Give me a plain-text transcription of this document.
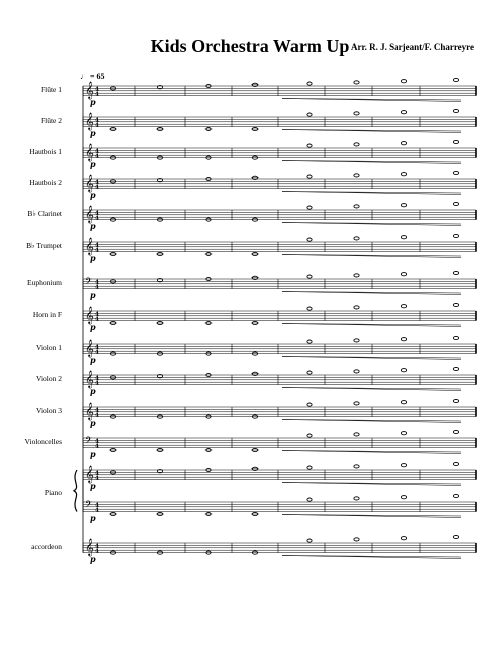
Kids Orchestra Warm Up Arr. R. J. Sarjeant/F. Charreyre
♩ = 65
Flûte 1
Flûte 2
Hautbois 1
Hautbois 2
B♭ Clarinet
B♭ Trumpet
Euphonium
Horn in F
Violon 1
Violon 2
Violon 3
Violoncelles
Piano
accordeon
𝄞 4
4
p
𝄞 4
4
p
𝄞 4
4
p
𝄞 4
4
p
𝄞 4
4
p
𝄞 4
4
p
𝄢 4
4
p
𝄞 4
4
p
𝄞 4
4
p
𝄞 4
4
p
𝄞 4
4
p
𝄢 4
4
p
𝄞 4
4
p
𝄢 4
4
p
𝄞 4
4
p
